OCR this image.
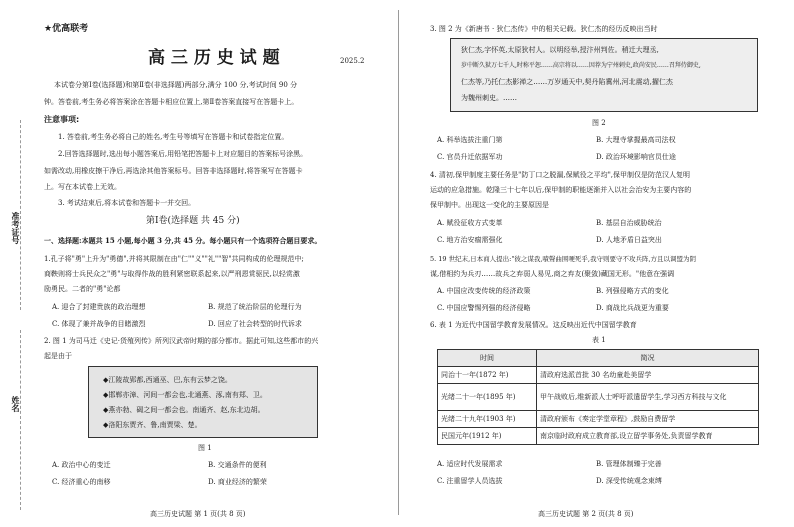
准考证号
姓名
★优高联考
高 三 历 史 试 题	2025.2
本试卷分第Ⅰ卷(选择题)和第Ⅱ卷(非选择题)两部分,满分 100 分,考试时间 90 分
钟。答卷前,考生务必将答案涂在答题卡相应位置上,第Ⅱ卷答案直接写在答题卡上。
注意事项:
1. 答卷前,考生务必将自己的姓名,考生号等填写在答题卡和试卷指定位置。
2.回答选择题时,选出每小题答案后,用铅笔把答题卡上对应题目的答案标号涂黑。
如需改动,用橡皮擦干净后,再选涂其他答案标号。回答非选择题时,将答案写在答题卡
上。写在本试卷上无效。
3. 考试结束后,将本试卷和答题卡一并交回。
第Ⅰ卷(选择题 共 45 分)
一、选择题:本题共 15 小题,每小题 3 分,共 45 分。每小题只有一个选项符合题目要求。
1.孔子将"勇"上升为"勇德",并将其限制在由"仁""义""礼""智"共同构成的伦理规范中;
商鞅则将士兵民众之"勇"与取得作战的胜利紧密联系起来,以严刑恩赏驱民,以轻赏激
励勇民。二者的"勇"论都
A. 迎合了封建贵族的政治理想	B. 规范了统治阶层的伦理行为
C. 体现了兼并战争的目睹激烈	D. 回应了社会转型的时代诉求
2. 图 1 为司马迁《史记·货殖列传》所列汉武帝时期的部分都市。据此可知,这些都市的兴
起是由于
◆江陵故郢都,西通巫、巴,东有云梦之饶。
◆邯郸亦漳、河间一都会也,北通燕、涿,南有郑、卫。
◆燕亦勃、碣之间一都会也。南通齐、赵,东北边胡。
◆洛阳东贾齐、鲁,南贾梁、楚。
图 1
A. 政治中心的变迁	B. 交通条件的便利
C. 经济重心的南移	D. 商业经济的繁荣
高三历史试题 第 1 页(共 8 页)
3. 图 2 为《新唐书 · 狄仁杰传》中的相关记载。狄仁杰的经历反映出当时
狄仁杰,字怀英,太原狄村人。以明经举,授汴州判佐。稍迁大理丞,
岁中断久狱万七千人,时称平恕……高宗将以……因荐为宁州刺史,政尚安民……召拜侍御史,
仁杰等,乃托仁杰影禅之……万岁通天中,契丹陷冀州,河北震动,擢仁杰
为魏州刺史。……
图 2
A. 科举选拔注重门第	B. 大理寺掌握最高司法权
C. 官员升迁依据军功	D. 政治环境影响官员仕途
4. 清初,保甲制度主要任务是"防丁口之脱漏,保赋役之平均",保甲制仅是防范汉人复明
运动的应急措施。乾隆三十七年以后,保甲制的职能逐渐并入以社会治安为主要内容的
保甲制中。出现这一变化的主要原因是
A. 赋役征收方式变革	B. 基层自治威胁统治
C. 地方治安痼需强化	D. 人地矛盾日益突出
5. 19 世纪末,日本商人提出:"彼之谋我,嘖聲曲围哽死乎,我守则要守不攻兵阵,方且以调盟为阴
谋,借相约为兵刃……故兵之弃弱人易见,商之弃友(聚敛)藏国无形。"他意在强调
A. 中国应改变传统的经济政策	B. 列强侵略方式的变化
C. 中国应警惕列强的经济侵略	D. 商战比兵战更为重要
6. 表 1 为近代中国留学教育发展情况。这反映出近代中国留学教育
表 1
时间	简况
同治十一年(1872 年)	清政府选派首批 30 名幼童赴美留学
光绪二十一年(1895 年)	甲午战败后,维新派人士呼吁派遣留学生,学习西方科技与文化
光绪二十九年(1903 年)	清政府颁布《奏定学堂章程》,鼓励自费留学
民国元年(1912 年)	南京临时政府成立教育部,设立留学事务处,负责留学教育
A. 适应时代发展需求	B. 管理体制臻于完善
C. 注重留学人员选拔	D. 深受传统观念束缚
高三历史试题 第 2 页(共 8 页)
